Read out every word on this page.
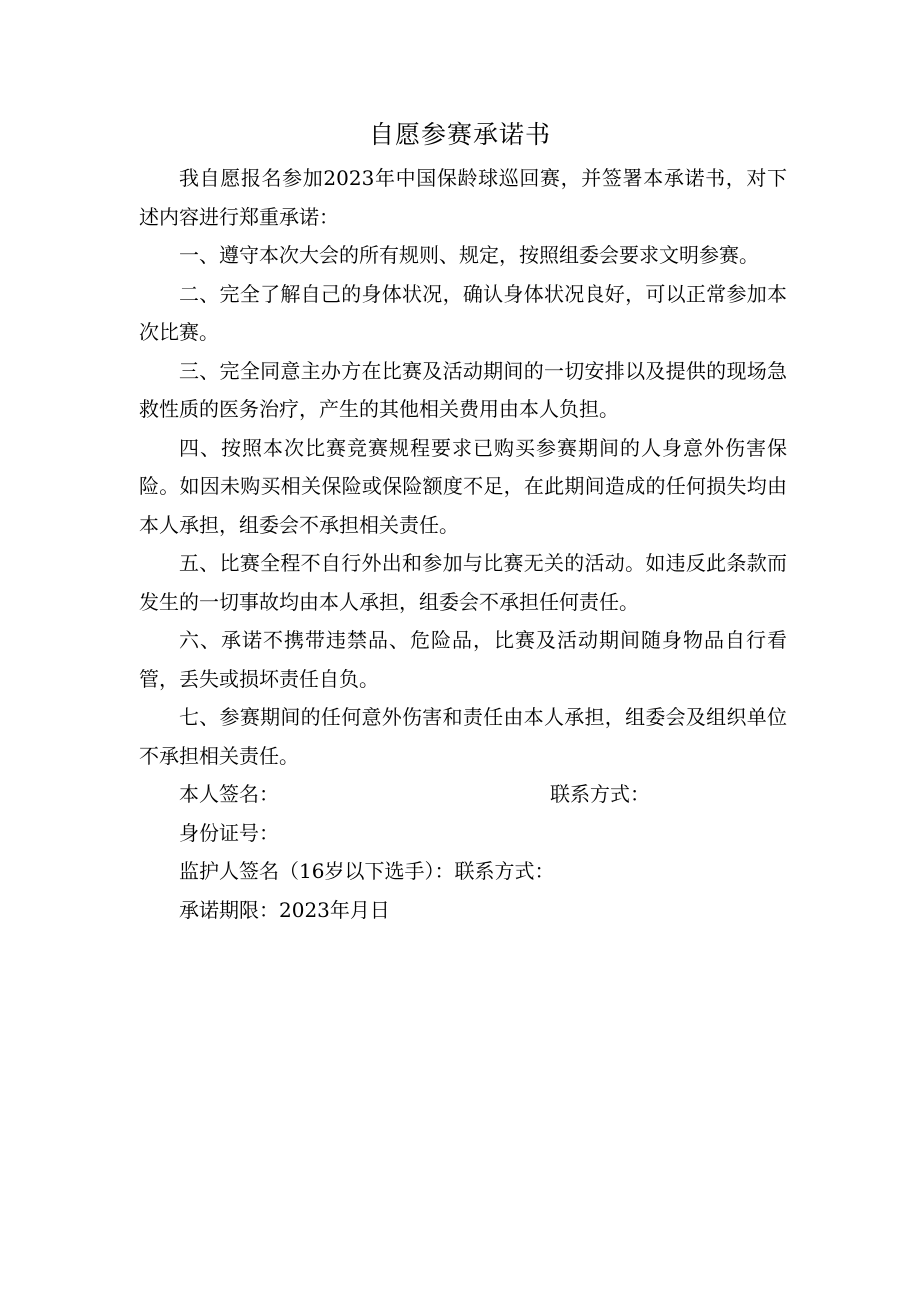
自愿参赛承诺书

我自愿报名参加2023年中国保龄球巡回赛，并签署本承诺书，对下述内容进行郑重承诺：

一、遵守本次大会的所有规则、规定，按照组委会要求文明参赛。

二、完全了解自己的身体状况，确认身体状况良好，可以正常参加本次比赛。

三、完全同意主办方在比赛及活动期间的一切安排以及提供的现场急救性质的医务治疗，产生的其他相关费用由本人负担。

四、按照本次比赛竞赛规程要求已购买参赛期间的人身意外伤害保险。如因未购买相关保险或保险额度不足，在此期间造成的任何损失均由本人承担，组委会不承担相关责任。

五、比赛全程不自行外出和参加与比赛无关的活动。如违反此条款而发生的一切事故均由本人承担，组委会不承担任何责任。

六、承诺不携带违禁品、危险品，比赛及活动期间随身物品自行看管，丢失或损坏责任自负。

七、参赛期间的任何意外伤害和责任由本人承担，组委会及组织单位不承担相关责任。

本人签名：	联系方式：
身份证号：
监护人签名（16岁以下选手）：联系方式：
承诺期限：2023年月日
